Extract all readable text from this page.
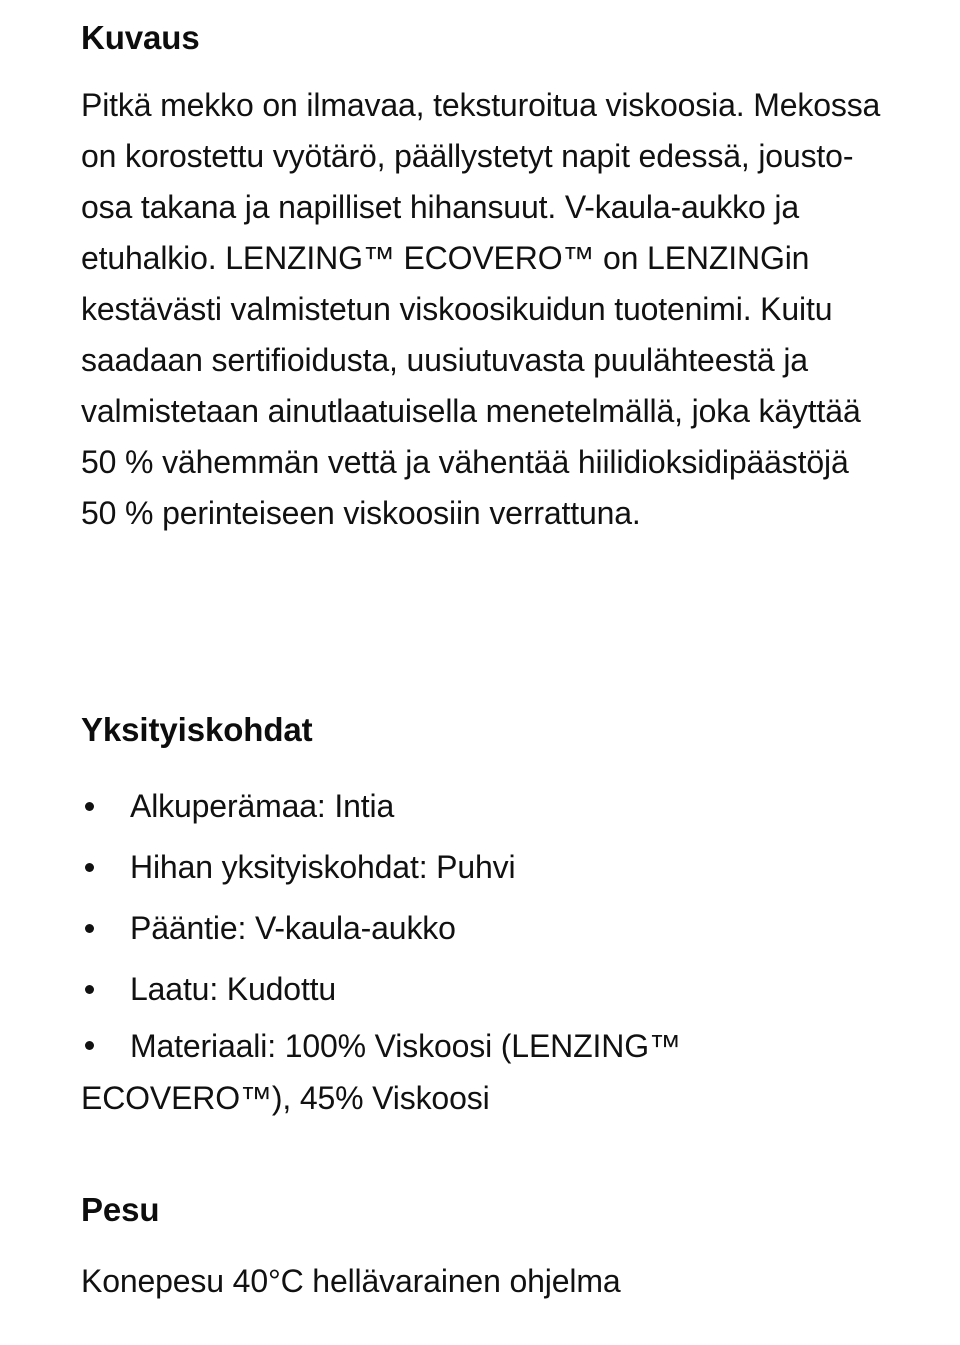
Kuvaus

Pitkä mekko on ilmavaa, teksturoitua viskoosia. Mekossa on korostettu vyötärö, päällystetyt napit edessä, jousto-osa takana ja napilliset hihansuut. V-kaula-aukko ja etuhalkio. LENZING™ ECOVERO™ on LENZINGin kestävästi valmistetun viskoosikuidun tuotenimi. Kuitu saadaan sertifioidusta, uusiutuvasta puulähteestä ja valmistetaan ainutlaatuisella menetelmällä, joka käyttää 50 % vähemmän vettä ja vähentää hiilidioksidipäästöjä 50 % perinteiseen viskoosiin verrattuna.

Yksityiskohdat
Alkuperämaa: Intia
Hihan yksityiskohdat: Puhvi
Pääntie: V-kaula-aukko
Laatu: Kudottu
Materiaali: 100% Viskoosi (LENZING™ ECOVERO™), 45% Viskoosi
Pesu

Konepesu 40°C hellävarainen ohjelma
